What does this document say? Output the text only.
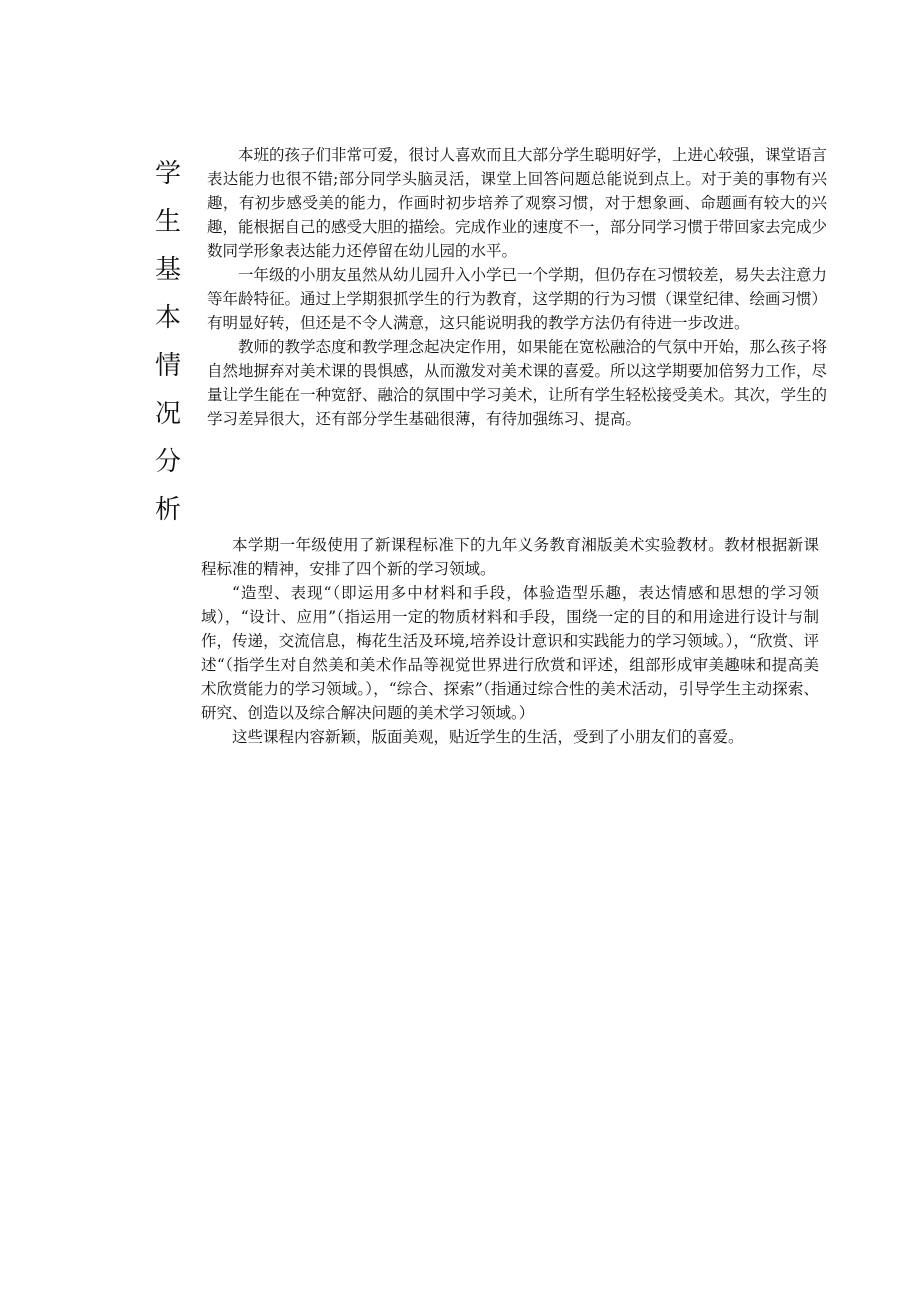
学
生
基
本
情
况
分
析

本班的孩子们非常可爱，很讨人喜欢而且大部分学生聪明好学，上进心较强，课堂语言表达能力也很不错;部分同学头脑灵活，课堂上回答问题总能说到点上。对于美的事物有兴趣，有初步感受美的能力，作画时初步培养了观察习惯，对于想象画、命题画有较大的兴趣，能根据自己的感受大胆的描绘。完成作业的速度不一，部分同学习惯于带回家去完成少数同学形象表达能力还停留在幼儿园的水平。

一年级的小朋友虽然从幼儿园升入小学已一个学期，但仍存在习惯较差，易失去注意力等年龄特征。通过上学期狠抓学生的行为教育，这学期的行为习惯（课堂纪律、绘画习惯）有明显好转，但还是不令人满意，这只能说明我的教学方法仍有待进一步改进。

教师的教学态度和教学理念起决定作用，如果能在宽松融洽的气氛中开始，那么孩子将自然地摒弃对美术课的畏惧感，从而激发对美术课的喜爱。所以这学期要加倍努力工作，尽量让学生能在一种宽舒、融洽的氛围中学习美术，让所有学生轻松接受美术。其次，学生的学习差异很大，还有部分学生基础很薄，有待加强练习、提高。

本学期一年级使用了新课程标准下的九年义务教育湘版美术实验教材。教材根据新课程标准的精神，安排了四个新的学习领域。

“造型、表现“（即运用多中材料和手段，体验造型乐趣，表达情感和思想的学习领域），“设计、应用”（指运用一定的物质材料和手段，围绕一定的目的和用途进行设计与制作，传递，交流信息，梅花生活及环境,培养设计意识和实践能力的学习领域。），“欣赏、评述“（指学生对自然美和美术作品等视觉世界进行欣赏和评述，组部形成审美趣味和提高美术欣赏能力的学习领域。），“综合、探索”（指通过综合性的美术活动，引导学生主动探索、研究、创造以及综合解决问题的美术学习领域。）

这些课程内容新颖，版面美观，贴近学生的生活，受到了小朋友们的喜爱。
